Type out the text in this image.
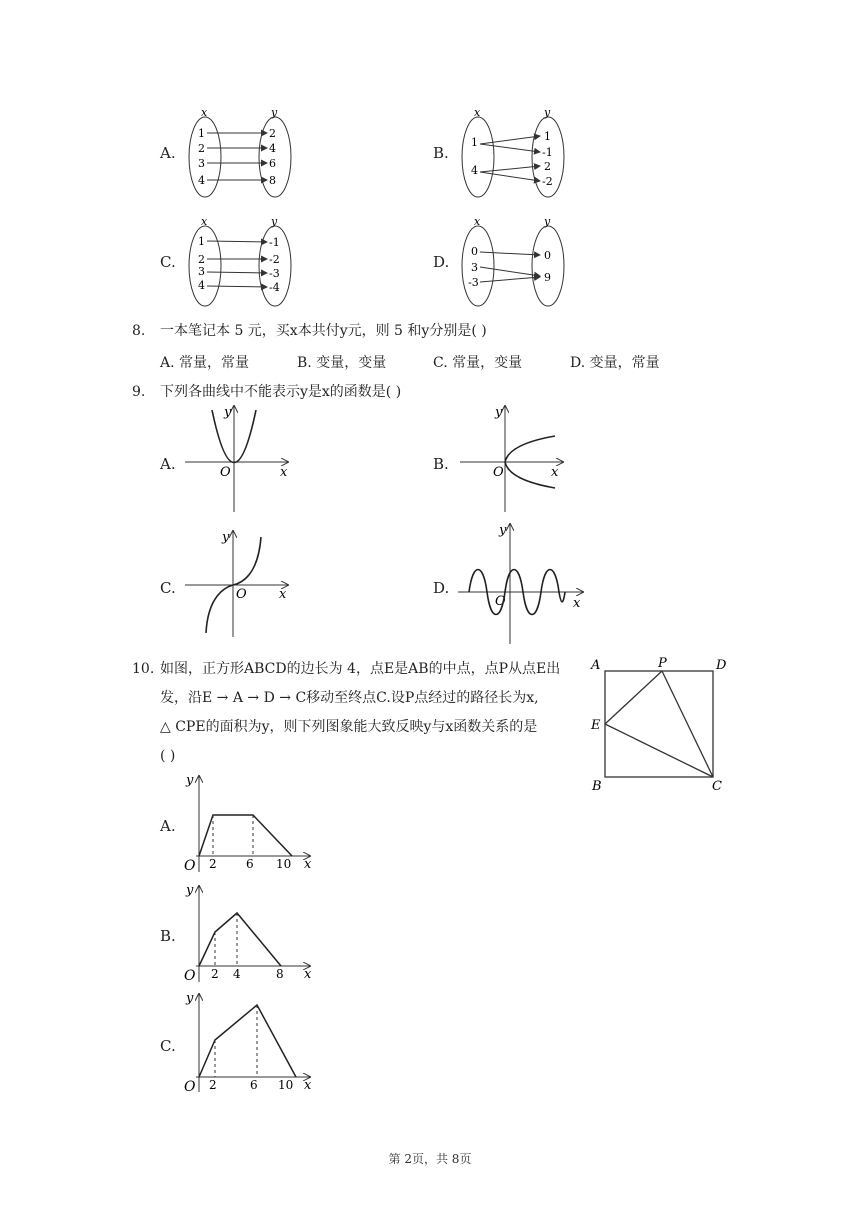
A.
x	y
1
2
3
4
2
4
6
8
B.
x	y
1
4
1
-1
2
-2
C.
x	y
1
2
3
4
-1
-2
-3
-4
D.
x	y
0
3
-3
0
9
8. 一本笔记本 5 元，买x本共付y元，则 5 和y分别是( )
A. 常量，常量	B. 变量，变量	C. 常量，变量	D. 变量，常量
9. 下列各曲线中不能表示y是x的函数是( )
A.
y
x
O	B.
y
x
O
C.
y
x
O	D.
y
x
O
10. 如图，正方形ABCD的边长为 4，点E是AB的中点，点P从点E出
发，沿E → A → D → C移动至终点C.设P点经过的路径长为x,
△ CPE的面积为y，则下列图象能大致反映y与x函数关系的是
( )
A	P	D
E
B	C
A.
y
O	x
2 6 10
B.
y
O	x
2 4	8
C.
y
O	x
2	6 10
第 2页，共 8页
